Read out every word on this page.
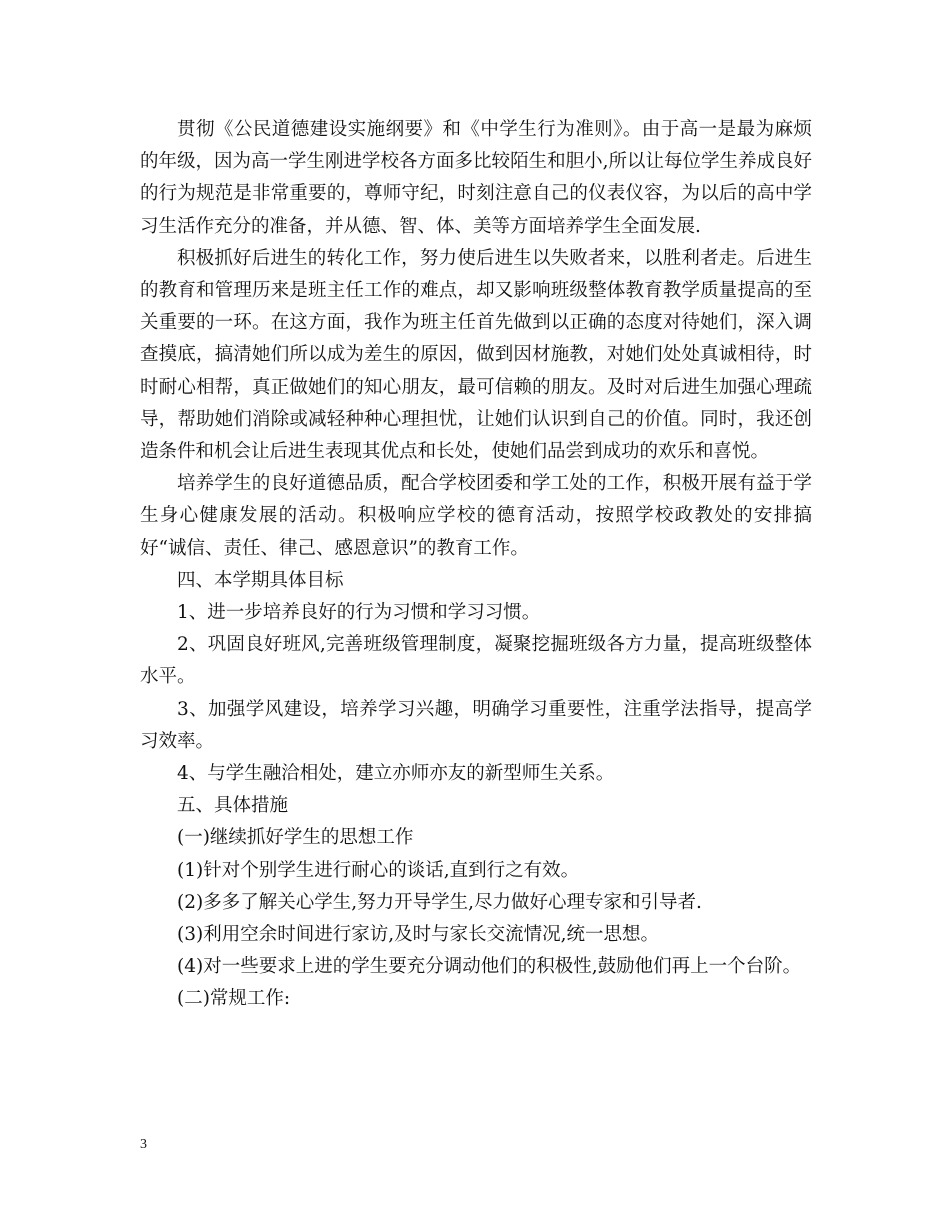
贯彻《公民道德建设实施纲要》和《中学生行为准则》。由于高一是最为麻烦的年级，因为高一学生刚进学校各方面多比较陌生和胆小,所以让每位学生养成良好的行为规范是非常重要的，尊师守纪，时刻注意自己的仪表仪容，为以后的高中学习生活作充分的准备，并从德、智、体、美等方面培养学生全面发展.

积极抓好后进生的转化工作，努力使后进生以失败者来，以胜利者走。后进生的教育和管理历来是班主任工作的难点，却又影响班级整体教育教学质量提高的至关重要的一环。在这方面，我作为班主任首先做到以正确的态度对待她们，深入调查摸底，搞清她们所以成为差生的原因，做到因材施教，对她们处处真诚相待，时时耐心相帮，真正做她们的知心朋友，最可信赖的朋友。及时对后进生加强心理疏导，帮助她们消除或减轻种种心理担忧，让她们认识到自己的价值。同时，我还创造条件和机会让后进生表现其优点和长处，使她们品尝到成功的欢乐和喜悦。

培养学生的良好道德品质，配合学校团委和学工处的工作，积极开展有益于学生身心健康发展的活动。积极响应学校的德育活动，按照学校政教处的安排搞好“诚信、责任、律己、感恩意识”的教育工作。

四、本学期具体目标

1、进一步培养良好的行为习惯和学习习惯。

2、巩固良好班风,完善班级管理制度，凝聚挖掘班级各方力量，提高班级整体水平。

3、加强学风建设，培养学习兴趣，明确学习重要性，注重学法指导，提高学习效率。

4、与学生融洽相处，建立亦师亦友的新型师生关系。

五、具体措施

(一)继续抓好学生的思想工作

(1)针对个别学生进行耐心的谈话,直到行之有效。

(2)多多了解关心学生,努力开导学生,尽力做好心理专家和引导者.

(3)利用空余时间进行家访,及时与家长交流情况,统一思想。

(4)对一些要求上进的学生要充分调动他们的积极性,鼓励他们再上一个台阶。

(二)常规工作:

3
